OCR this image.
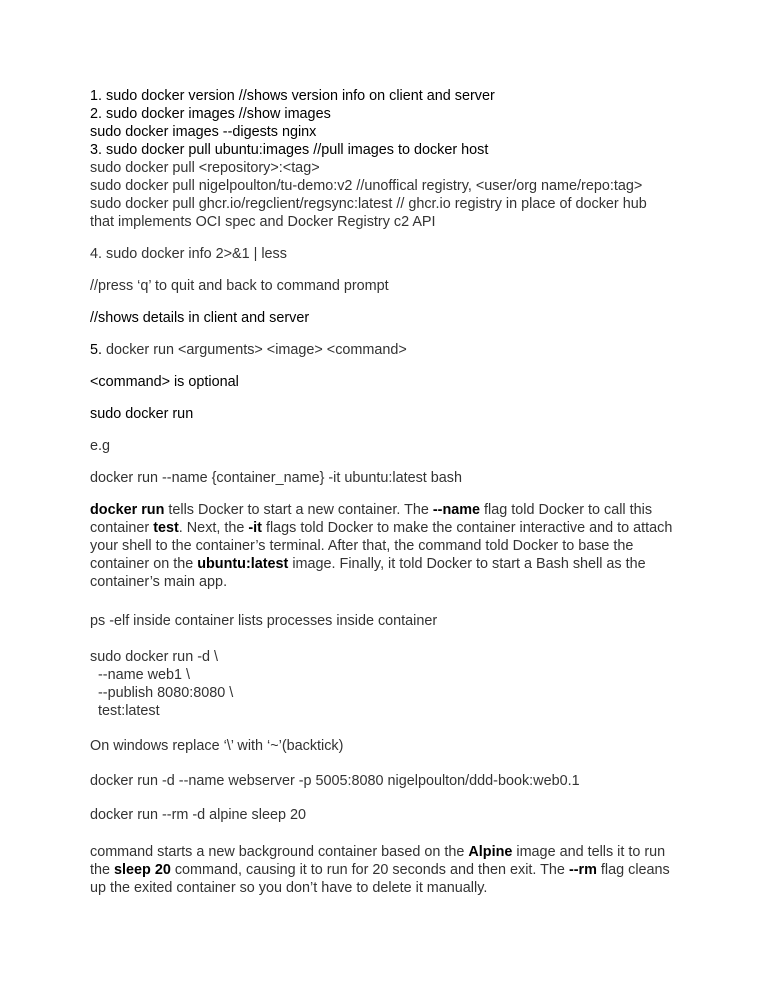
1. sudo docker version //shows version info on client and server
2. sudo docker images //show images
sudo docker images --digests nginx
3. sudo docker pull ubuntu:images //pull images to docker host
sudo docker pull <repository>:<tag>
sudo docker pull nigelpoulton/tu-demo:v2 //unoffical registry, <user/org name/repo:tag>
sudo docker pull ghcr.io/regclient/regsync:latest // ghcr.io registry in place of docker hub
that implements OCI spec and Docker Registry c2 API
4. sudo docker info 2>&1 | less
//press ‘q’ to quit and back to command prompt
//shows details in client and server
5. docker run <arguments> <image> <command>
<command> is optional
sudo docker run
e.g
docker run --name {container_name} -it ubuntu:latest bash
docker run tells Docker to start a new container. The --name flag told Docker to call this container test. Next, the -it flags told Docker to make the container interactive and to attach your shell to the container’s terminal. After that, the command told Docker to base the container on the ubuntu:latest image. Finally, it told Docker to start a Bash shell as the container’s main app.
ps -elf inside container lists processes inside container
sudo docker run -d \
--name web1 \
--publish 8080:8080 \
test:latest
On windows replace ‘\’ with ‘~’(backtick)
docker run -d --name webserver -p 5005:8080 nigelpoulton/ddd-book:web0.1
docker run --rm -d alpine sleep 20
command starts a new background container based on the Alpine image and tells it to run the sleep 20 command, causing it to run for 20 seconds and then exit. The --rm flag cleans up the exited container so you don’t have to delete it manually.
